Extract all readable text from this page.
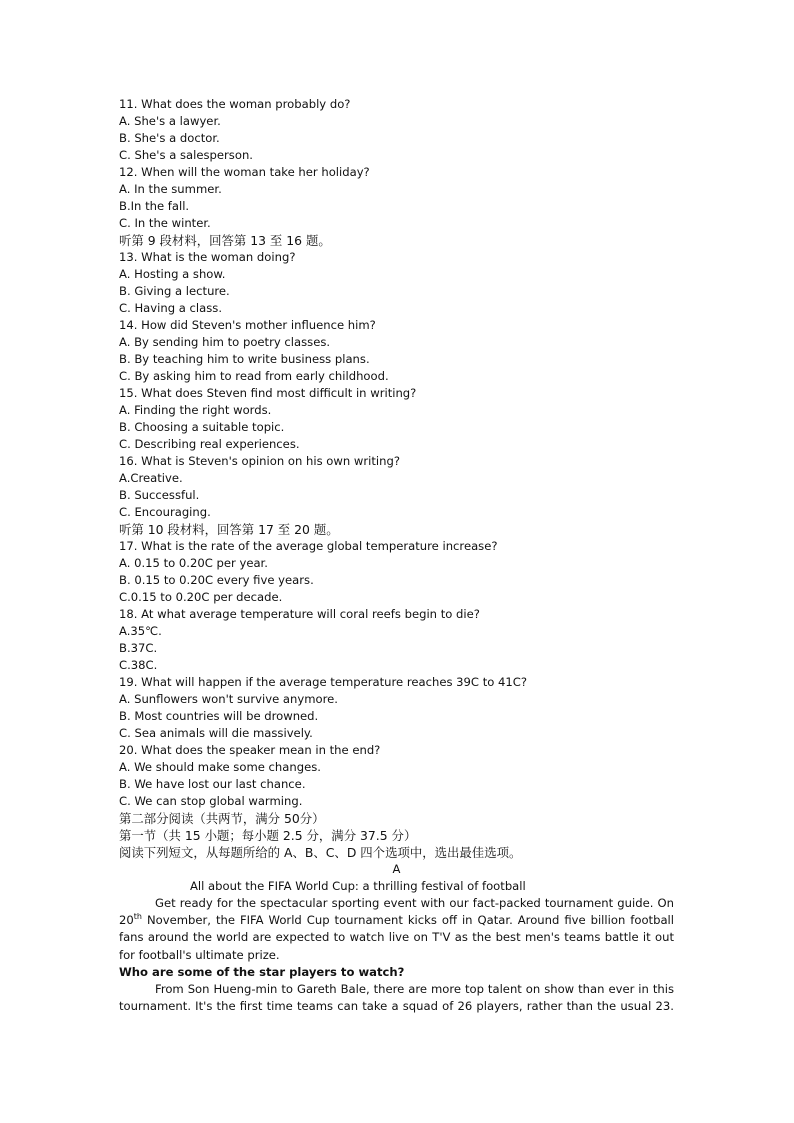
11. What does the woman probably do?
A. She's a lawyer.
B. She's a doctor.
C. She's a salesperson.
12. When will the woman take her holiday?
A. In the summer.
B.In the fall.
C. In the winter.
听第 9 段材料，回答第 13 至 16 题。
13. What is the woman doing?
A. Hosting a show.
B. Giving a lecture.
C. Having a class.
14. How did Steven's mother influence him?
A. By sending him to poetry classes.
B. By teaching him to write business plans.
C. By asking him to read from early childhood.
15. What does Steven find most difficult in writing?
A. Finding the right words.
B. Choosing a suitable topic.
C. Describing real experiences.
16. What is Steven's opinion on his own writing?
A.Creative.
B. Successful.
C. Encouraging.
听第 10 段材料，回答第 17 至 20 题。
17. What is the rate of the average global temperature increase?
A. 0.15 to 0.20C per year.
B. 0.15 to 0.20C every five years.
C.0.15 to 0.20C per decade.
18. At what average temperature will coral reefs begin to die?
A.35℃.
B.37C.
C.38C.
19. What will happen if the average temperature reaches 39C to 41C?
A. Sunflowers won't survive anymore.
B. Most countries will be drowned.
C. Sea animals will die massively.
20. What does the speaker mean in the end?
A. We should make some changes.
B. We have lost our last chance.
C. We can stop global warming.
第二部分阅读（共两节，满分 50分）
第一节（共 15 小题；每小题 2.5 分，满分 37.5 分）
阅读下列短文，从每题所给的 A、B、C、D 四个选项中，选出最佳选项。
A
All about the FIFA World Cup: a thrilling festival of football

Get ready for the spectacular sporting event with our fact-packed tournament guide. On 20th November, the FIFA World Cup tournament kicks off in Qatar. Around five billion football fans around the world are expected to watch live on T'V as the best men's teams battle it out for football's ultimate prize.

Who are some of the star players to watch?

From Son Hueng-min to Gareth Bale, there are more top talent on show than ever in this tournament. It's the first time teams can take a squad of 26 players, rather than the usual 23.
